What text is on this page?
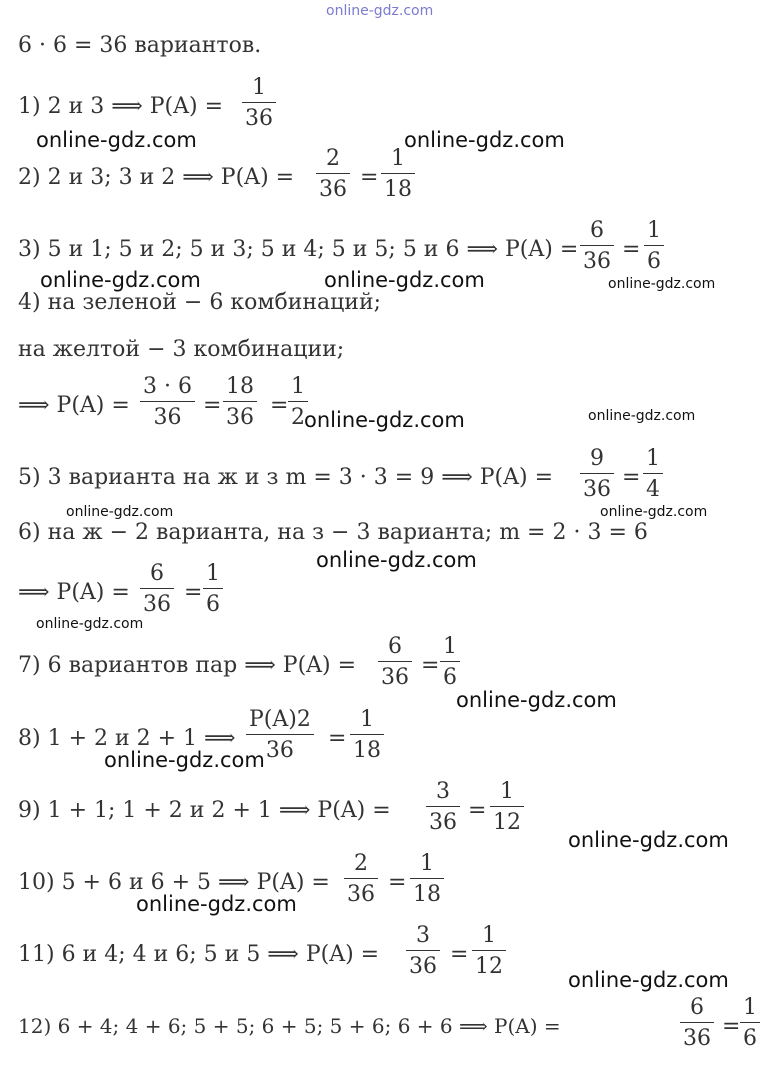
online-gdz.com
6 · 6 = 36 вариантов.
1) 2 и 3 ⟹ $P(A) = \frac{1}{36}$
2) 2 и 3; 3 и 2 ⟹ $P(A) = \frac{2}{36} = \frac{1}{18}$
3) 5 и 1; 5 и 2; 5 и 3; 5 и 4; 5 и 5; 5 и 6 ⟹ $P(A) = \frac{6}{36} = \frac{1}{6}$
4) на зеленой − 6 комбинаций;
на желтой − 3 комбинации;
⟹ $P(A) = \frac{3 \cdot 6}{36} = \frac{18}{36} = \frac{1}{2}$
5) 3 варианта на ж и з m = 3 · 3 = 9 ⟹ $P(A) = \frac{9}{36} = \frac{1}{4}$
6) на ж − 2 варианта, на з − 3 варианта; m = 2 · 3 = 6
⟹ $P(A) = \frac{6}{36} = \frac{1}{6}$
7) 6 вариантов пар ⟹ $P(A) = \frac{6}{36} = \frac{1}{6}$
8) 1 + 2 и 2 + 1 ⟹ $\frac{P(A)2}{36} = \frac{1}{18}$
9) 1 + 1; 1 + 2 и 2 + 1 ⟹ $P(A) = \frac{3}{36} = \frac{1}{12}$
10) 5 + 6 и 6 + 5 ⟹ $P(A) = \frac{2}{36} = \frac{1}{18}$
11) 6 и 4; 4 и 6; 5 и 5 ⟹ $P(A) = \frac{3}{36} = \frac{1}{12}$
12) 6 + 4; 4 + 6; 5 + 5; 6 + 5; 5 + 6; 6 + 6 ⟹ P(A) =	$\frac{6}{36} = \frac{1}{6}$
online-gdz.com	online-gdz.com
online-gdz.com	online-gdz.com	online-gdz.com
online-gdz.com	online-gdz.com
online-gdz.com	online-gdz.com
online-gdz.com
online-gdz.com
online-gdz.com
online-gdz.com
online-gdz.com
online-gdz.com
online-gdz.com
